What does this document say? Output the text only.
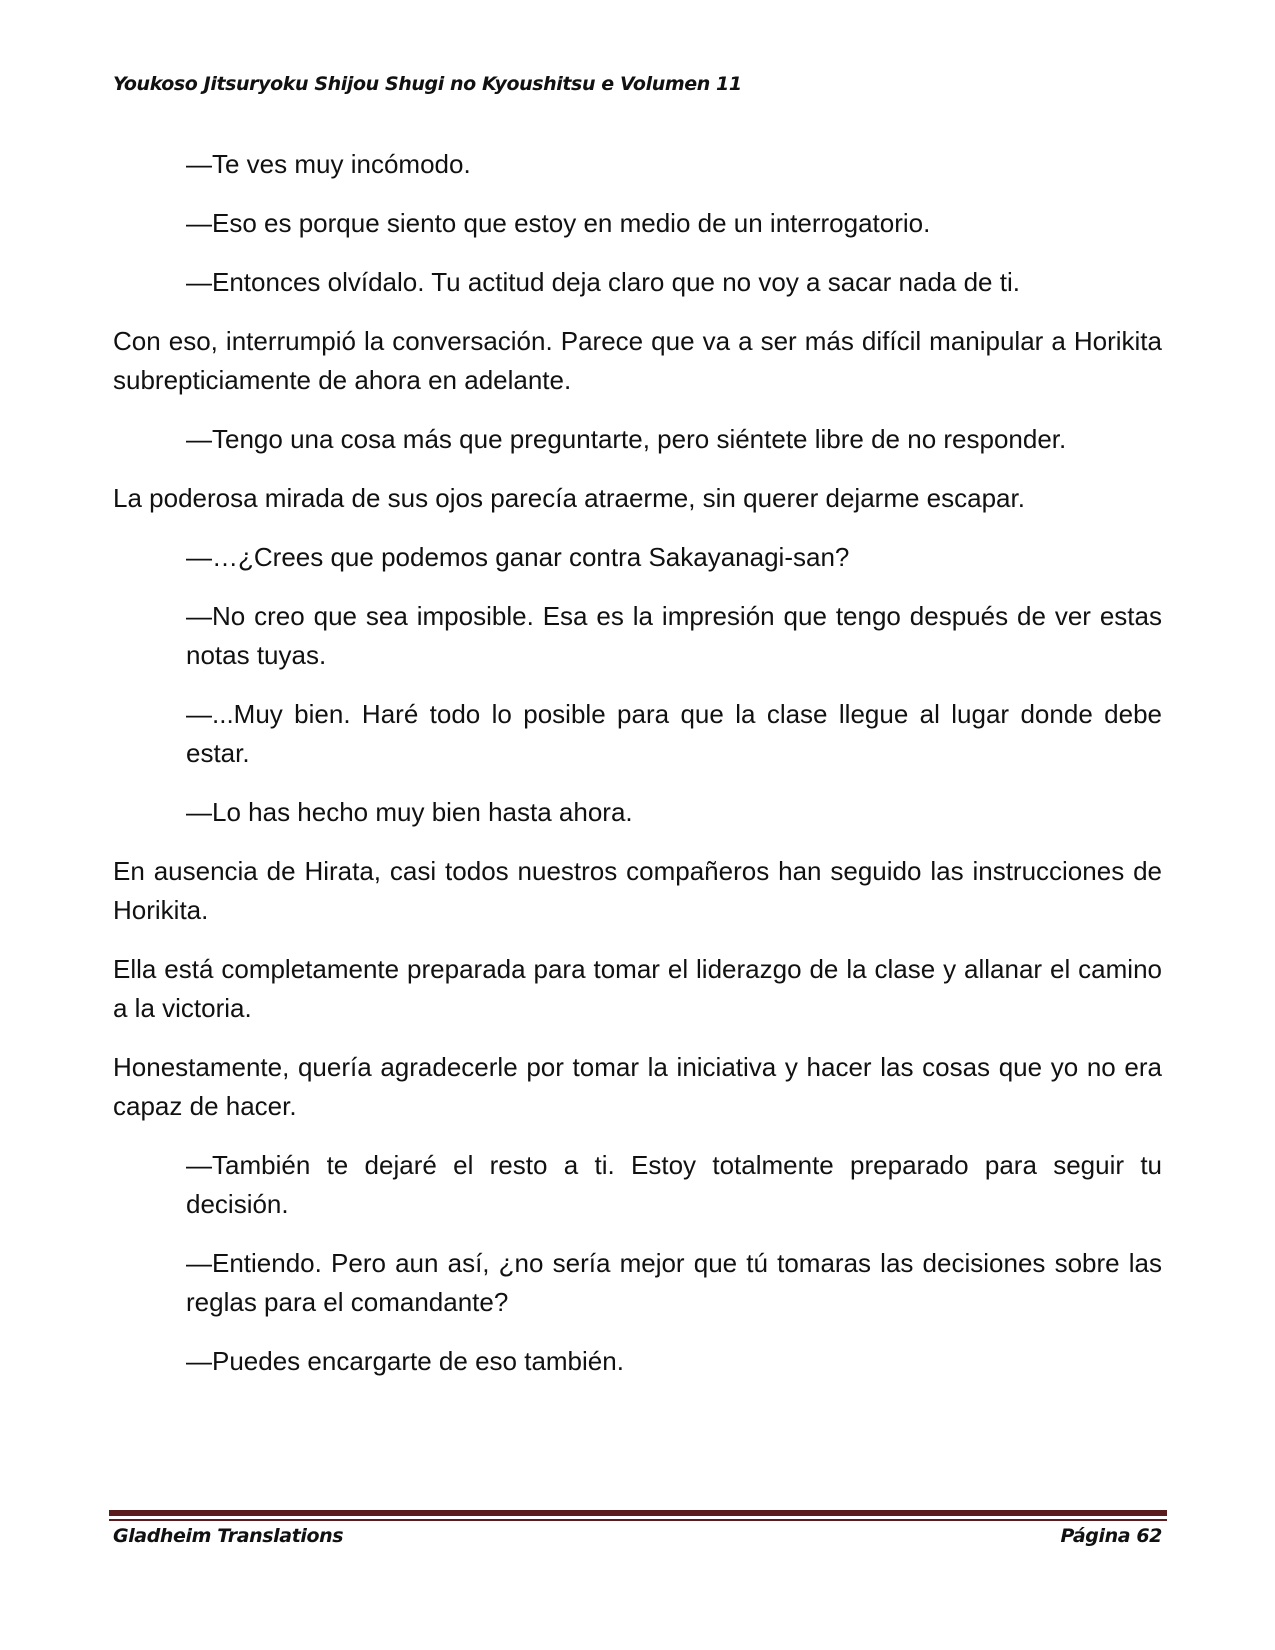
Youkoso Jitsuryoku Shijou Shugi no Kyoushitsu e Volumen 11

—Te ves muy incómodo.

—Eso es porque siento que estoy en medio de un interrogatorio.

—Entonces olvídalo. Tu actitud deja claro que no voy a sacar nada de ti.

Con eso, interrumpió la conversación. Parece que va a ser más difícil manipular a Horikita subrepticiamente de ahora en adelante.

—Tengo una cosa más que preguntarte, pero siéntete libre de no responder.

La poderosa mirada de sus ojos parecía atraerme, sin querer dejarme escapar.

—…¿Crees que podemos ganar contra Sakayanagi-san?

—No creo que sea imposible. Esa es la impresión que tengo después de ver estas notas tuyas.

—...Muy bien. Haré todo lo posible para que la clase llegue al lugar donde debe estar.

—Lo has hecho muy bien hasta ahora.

En ausencia de Hirata, casi todos nuestros compañeros han seguido las instrucciones de Horikita.

Ella está completamente preparada para tomar el liderazgo de la clase y allanar el camino a la victoria.

Honestamente, quería agradecerle por tomar la iniciativa y hacer las cosas que yo no era capaz de hacer.

—También te dejaré el resto a ti. Estoy totalmente preparado para seguir tu decisión.

—Entiendo. Pero aun así, ¿no sería mejor que tú tomaras las decisiones sobre las reglas para el comandante?

—Puedes encargarte de eso también.

Gladheim Translations	Página 62
